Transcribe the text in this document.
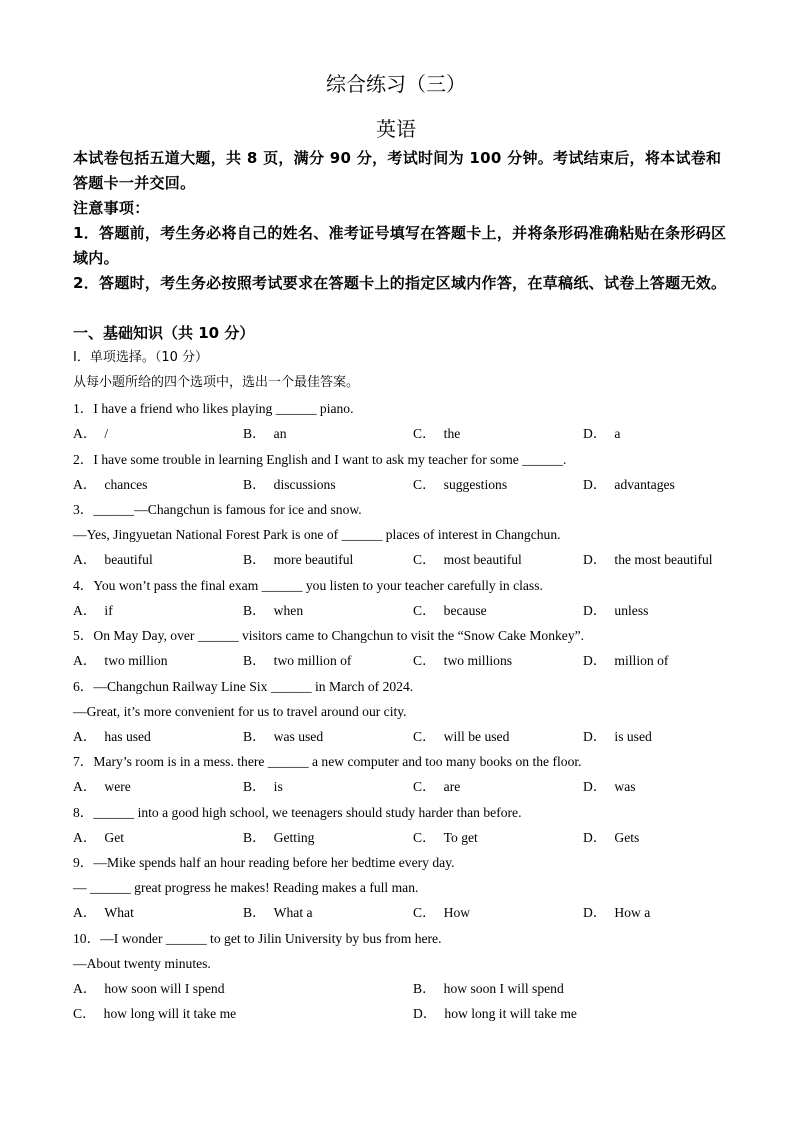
综合练习（三）
英语
本试卷包括五道大题，共 8 页，满分 90 分，考试时间为 100 分钟。考试结束后，将本试卷和答题卡一并交回。
注意事项：
1．答题前，考生务必将自己的姓名、准考证号填写在答题卡上，并将条形码准确粘贴在条形码区域内。
2．答题时，考生务必按照考试要求在答题卡上的指定区域内作答，在草稿纸、试卷上答题无效。
一、基础知识（共 10 分）
Ⅰ．单项选择。（10 分）
从每小题所给的四个选项中，选出一个最佳答案。
1．I have a friend who likes playing ______ piano.
A． /	B． an	C． the	D． a
2．I have some trouble in learning English and I want to ask my teacher for some ______.
A． chances	B． discussions	C． suggestions	D． advantages
3．______—Changchun is famous for ice and snow.
—Yes, Jingyuetan National Forest Park is one of ______ places of interest in Changchun.
A． beautiful	B． more beautiful	C． most beautiful	D． the most beautiful
4．You won’t pass the final exam ______ you listen to your teacher carefully in class.
A． if	B． when	C． because	D． unless
5．On May Day, over ______ visitors came to Changchun to visit the “Snow Cake Monkey”.
A． two million	B． two million of	C． two millions	D． million of
6．—Changchun Railway Line Six ______ in March of 2024.
—Great, it’s more convenient for us to travel around our city.
A． has used	B． was used	C． will be used	D． is used
7．Mary’s room is in a mess. there ______ a new computer and too many books on the floor.
A． were	B． is	C． are	D． was
8．______ into a good high school, we teenagers should study harder than before.
A． Get	B． Getting	C． To get	D． Gets
9．—Mike spends half an hour reading before her bedtime every day.
— ______ great progress he makes! Reading makes a full man.
A． What	B． What a	C． How	D． How a
10．—I wonder ______ to get to Jilin University by bus from here.
—About twenty minutes.
A． how soon will I spend	B． how soon I will spend
C． how long will it take me	D． how long it will take me
